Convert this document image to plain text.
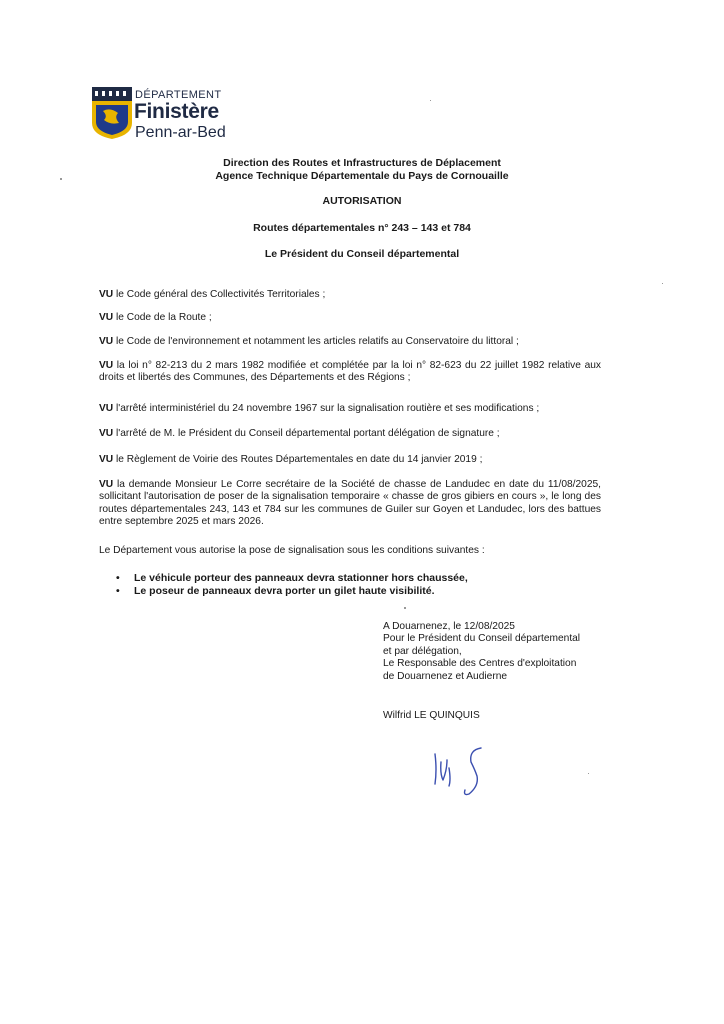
DÉPARTEMENT
Finistère
Penn-ar-Bed
Direction des Routes et Infrastructures de Déplacement
Agence Technique Départementale du Pays de Cornouaille
AUTORISATION
Routes départementales n° 243 – 143 et 784
Le Président du Conseil départemental
VU le Code général des Collectivités Territoriales ;
VU le Code de la Route ;
VU le Code de l'environnement et notamment les articles relatifs au Conservatoire du littoral ;
VU la loi n° 82-213 du 2 mars 1982 modifiée et complétée par la loi n° 82-623 du 22 juillet 1982 relative aux droits et libertés des Communes, des Départements et des Régions ;
VU l'arrêté interministériel du 24 novembre 1967 sur la signalisation routière et ses modifications ;
VU l'arrêté de M. le Président du Conseil départemental portant délégation de signature ;
VU le Règlement de Voirie des Routes Départementales en date du 14 janvier 2019 ;
VU la demande Monsieur Le Corre secrétaire de la Société de chasse de Landudec en date du 11/08/2025, sollicitant l'autorisation de poser de la signalisation temporaire « chasse de gros gibiers en cours », le long des routes départementales 243, 143 et 784 sur les communes de Guiler sur Goyen et Landudec, lors des battues entre septembre 2025 et mars 2026.
Le Département vous autorise la pose de signalisation sous les conditions suivantes :
• Le véhicule porteur des panneaux devra stationner hors chaussée,
• Le poseur de panneaux devra porter un gilet haute visibilité.
A Douarnenez, le 12/08/2025
Pour le Président du Conseil départemental
et par délégation,
Le Responsable des Centres d'exploitation
de Douarnenez et Audierne
Wilfrid LE QUINQUIS
